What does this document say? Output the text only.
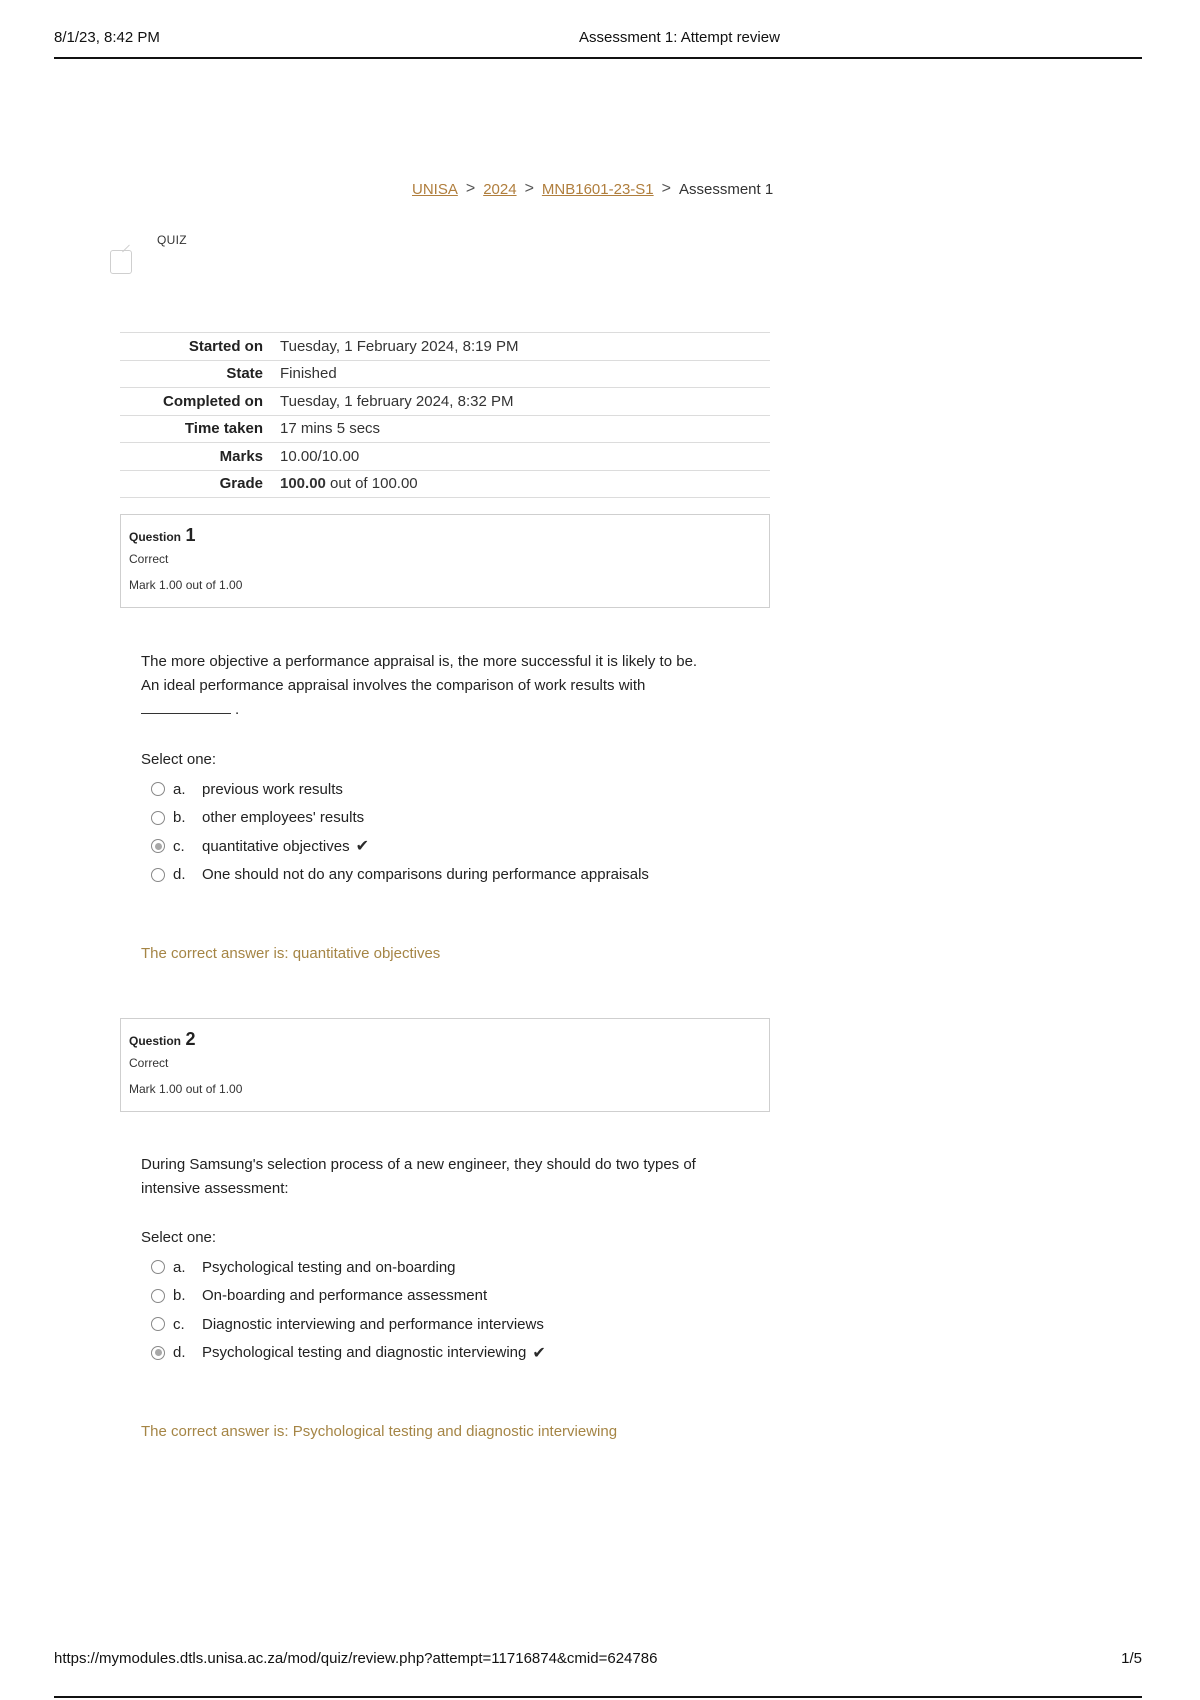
8/1/23, 8:42 PM	Assessment 1: Attempt review
UNISA > 2024 > MNB1601-23-S1 > Assessment 1
QUIZ
Started on	Tuesday, 1 February 2024, 8:19 PM
State	Finished
Completed on	Tuesday, 1 february 2024, 8:32 PM
Time taken	17 mins 5 secs
Marks	10.00/10.00
Grade	100.00 out of 100.00
Question 1
Correct
Mark 1.00 out of 1.00
The more objective a performance appraisal is, the more successful it is likely to be.
An ideal performance appraisal involves the comparison of work results with
.
Select one:
a.	previous work results
b.	other employees' results
c.	quantitative objectives ✔
d.	One should not do any comparisons during performance appraisals
The correct answer is: quantitative objectives
Question 2
Correct
Mark 1.00 out of 1.00
During Samsung's selection process of a new engineer, they should do two types of
intensive assessment:
Select one:
a.	Psychological testing and on-boarding
b.	On-boarding and performance assessment
c.	Diagnostic interviewing and performance interviews
d.	Psychological testing and diagnostic interviewing ✔
The correct answer is: Psychological testing and diagnostic interviewing
https://mymodules.dtls.unisa.ac.za/mod/quiz/review.php?attempt=11716874&cmid=624786	1/5
